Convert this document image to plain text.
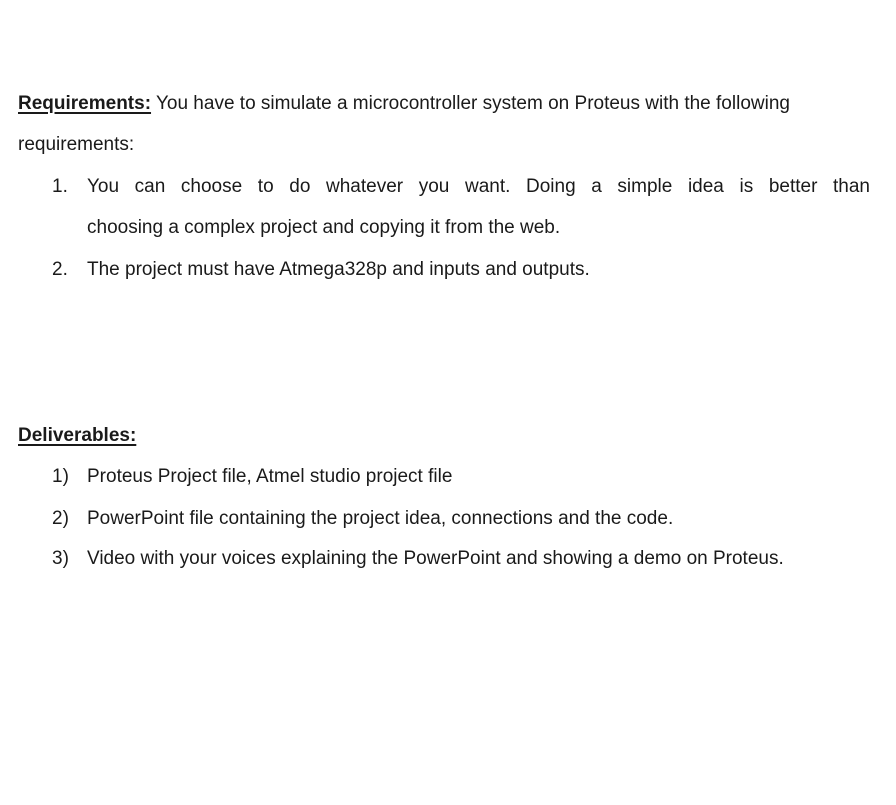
Requirements: You have to simulate a microcontroller system on Proteus with the following
requirements:
1. You can choose to do whatever you want. Doing a simple idea is better than
choosing a complex project and copying it from the web.
2. The project must have Atmega328p and inputs and outputs.
Deliverables:
1) Proteus Project file, Atmel studio project file
2) PowerPoint file containing the project idea, connections and the code.
3) Video with your voices explaining the PowerPoint and showing a demo on Proteus.
